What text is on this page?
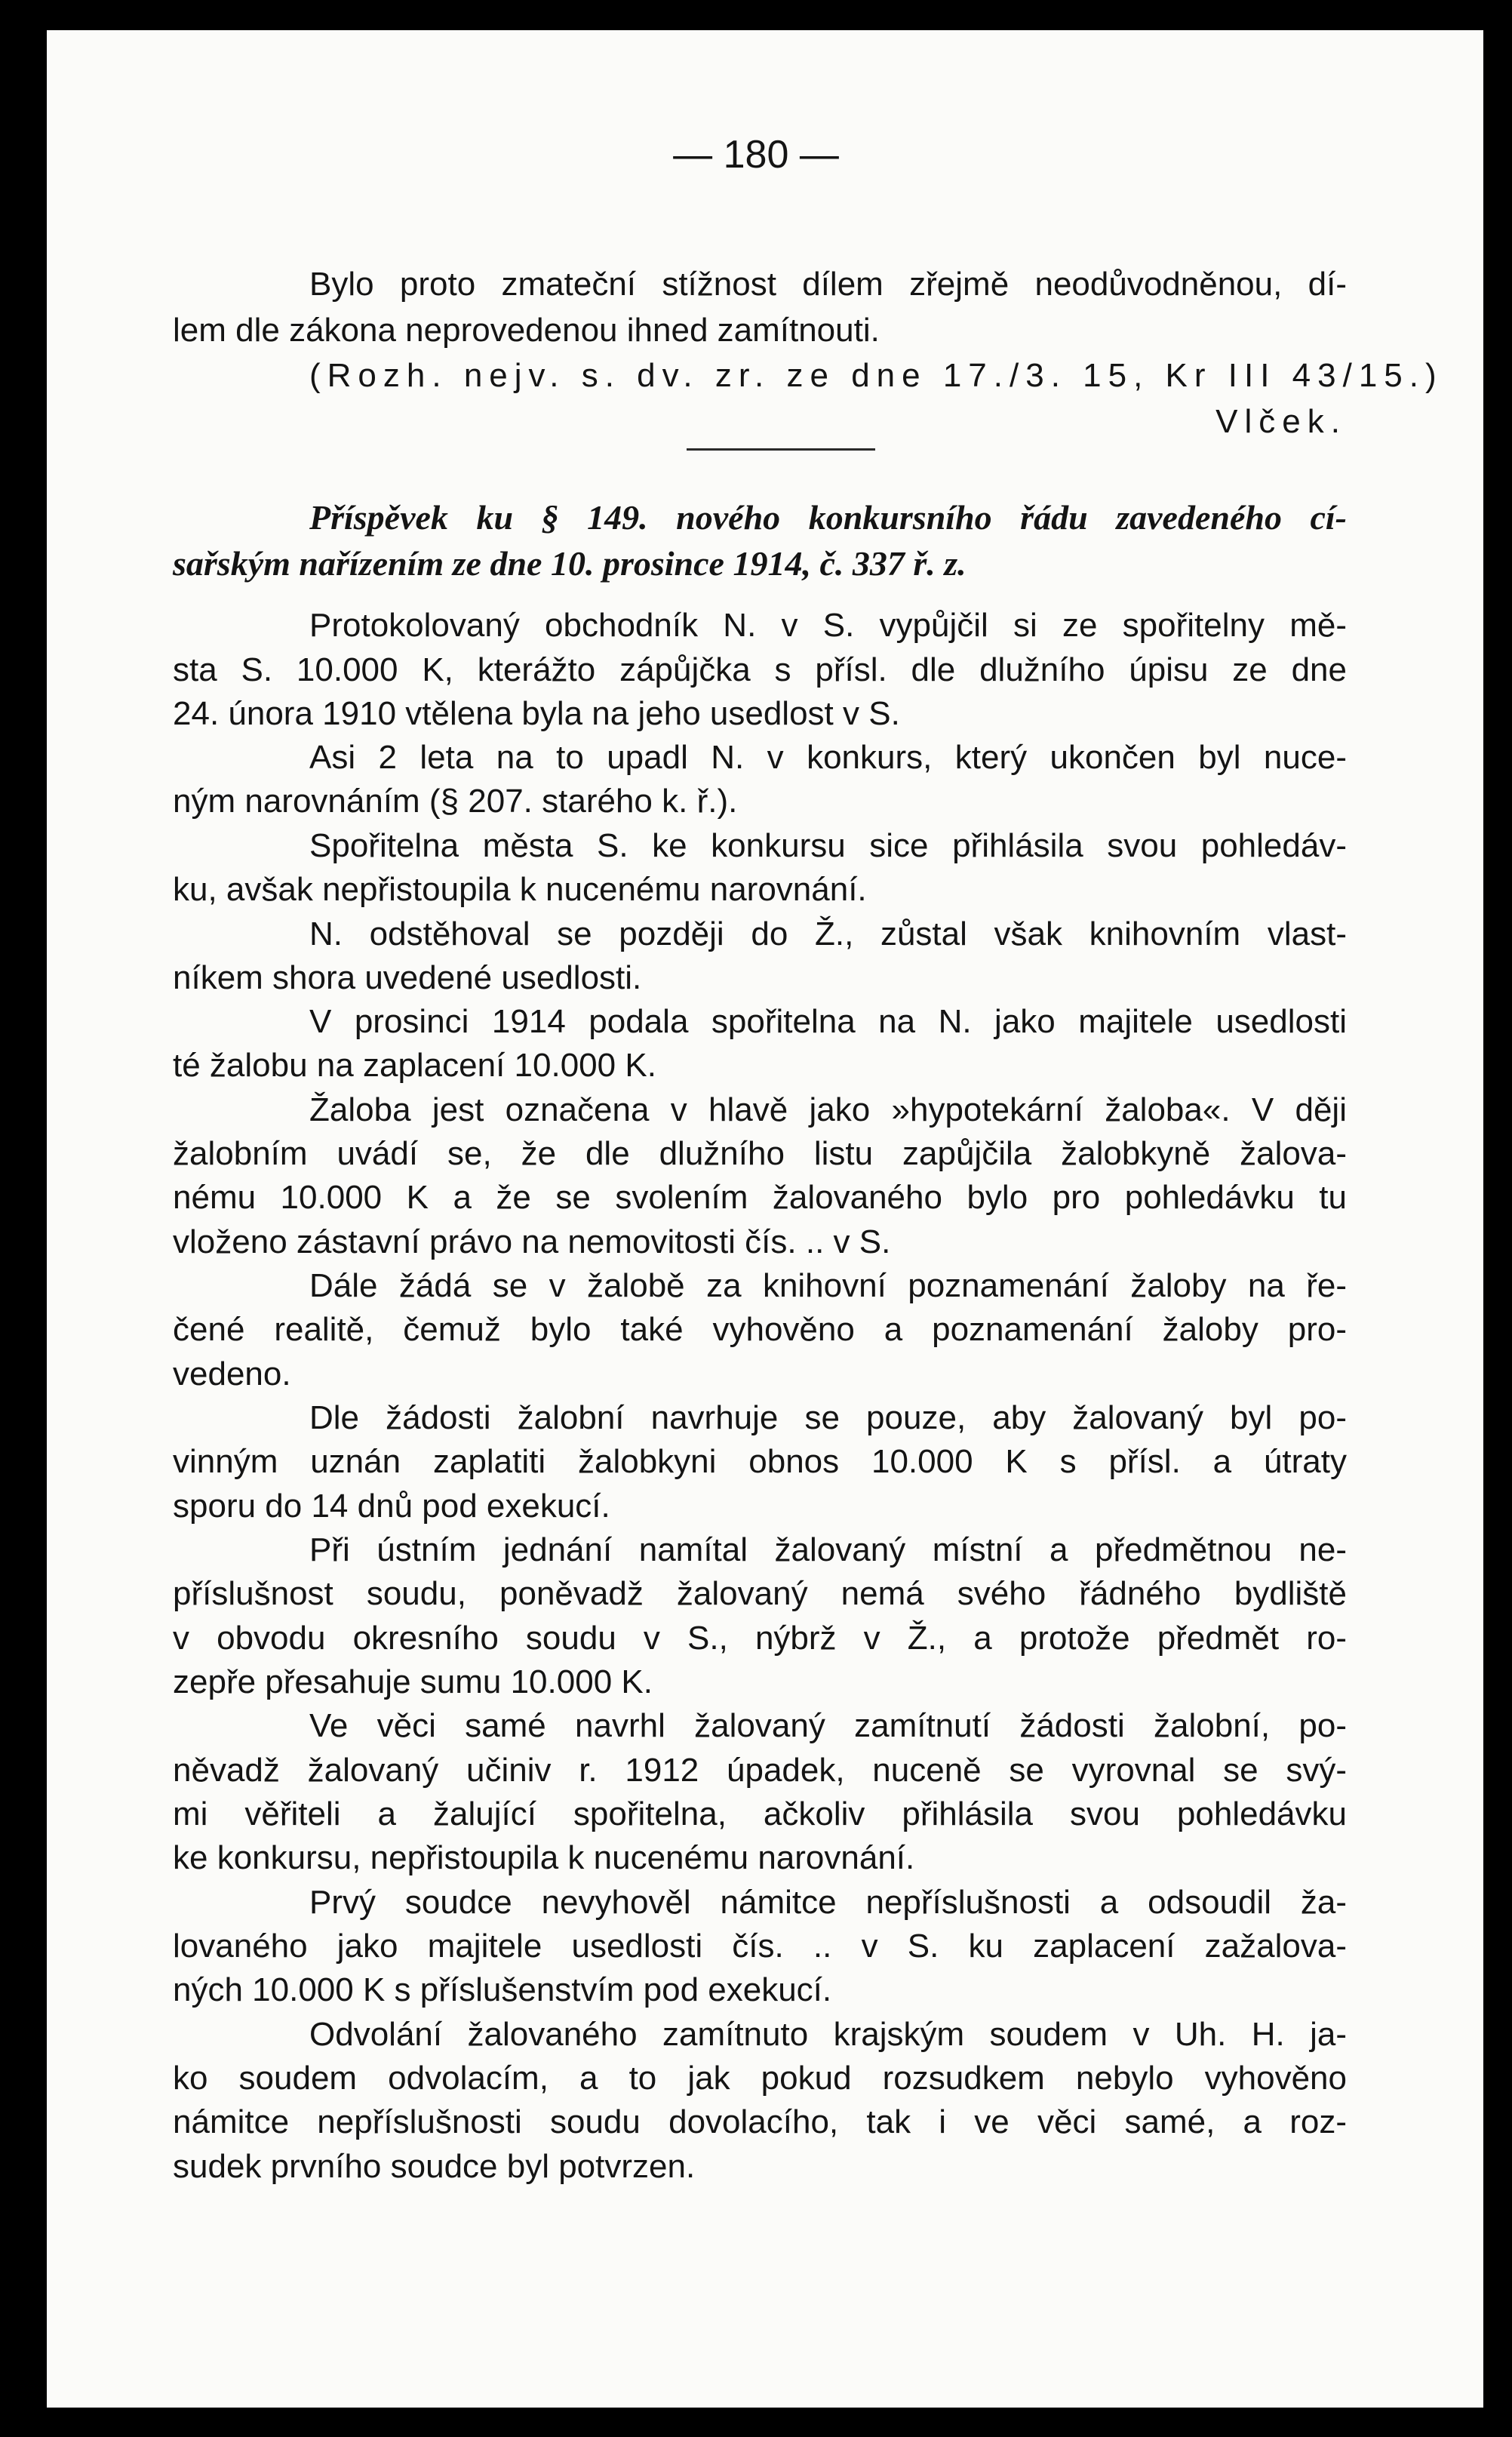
— 180 —
Bylo proto zmateční stížnost dílem zřejmě neodůvodněnou, dí-
lem dle zákona neprovedenou ihned zamítnouti.
(Rozh. nejv. s. dv. zr. ze dne 17./3. 15, Kr III 43/15.)
Vlček.
Příspěvek ku § 149. nového konkursního řádu zavedeného cí-
sařským nařízením ze dne 10. prosince 1914, č. 337 ř. z.
Protokolovaný obchodník N. v S. vypůjčil si ze spořitelny mě-
sta S. 10.000 K, kterážto zápůjčka s přísl. dle dlužního úpisu ze dne
24. února 1910 vtělena byla na jeho usedlost v S.
Asi 2 leta na to upadl N. v konkurs, který ukončen byl nuce-
ným narovnáním (§ 207. starého k. ř.).
Spořitelna města S. ke konkursu sice přihlásila svou pohledáv-
ku, avšak nepřistoupila k nucenému narovnání.
N. odstěhoval se později do Ž., zůstal však knihovním vlast-
níkem shora uvedené usedlosti.
V prosinci 1914 podala spořitelna na N. jako majitele usedlosti
té žalobu na zaplacení 10.000 K.
Žaloba jest označena v hlavě jako »hypotekární žaloba«. V ději
žalobním uvádí se, že dle dlužního listu zapůjčila žalobkyně žalova-
nému 10.000 K a že se svolením žalovaného bylo pro pohledávku tu
vloženo zástavní právo na nemovitosti čís. .. v S.
Dále žádá se v žalobě za knihovní poznamenání žaloby na ře-
čené realitě, čemuž bylo také vyhověno a poznamenání žaloby pro-
vedeno.
Dle žádosti žalobní navrhuje se pouze, aby žalovaný byl po-
vinným uznán zaplatiti žalobkyni obnos 10.000 K s přísl. a útraty
sporu do 14 dnů pod exekucí.
Při ústním jednání namítal žalovaný místní a předmětnou ne-
příslušnost soudu, poněvadž žalovaný nemá svého řádného bydliště
v obvodu okresního soudu v S., nýbrž v Ž., a protože předmět ro-
zepře přesahuje sumu 10.000 K.
Ve věci samé navrhl žalovaný zamítnutí žádosti žalobní, po-
něvadž žalovaný učiniv r. 1912 úpadek, nuceně se vyrovnal se svý-
mi věřiteli a žalující spořitelna, ačkoliv přihlásila svou pohledávku
ke konkursu, nepřistoupila k nucenému narovnání.
Prvý soudce nevyhověl námitce nepříslušnosti a odsoudil ža-
lovaného jako majitele usedlosti čís. .. v S. ku zaplacení zažalova-
ných 10.000 K s příslušenstvím pod exekucí.
Odvolání žalovaného zamítnuto krajským soudem v Uh. H. ja-
ko soudem odvolacím, a to jak pokud rozsudkem nebylo vyhověno
námitce nepříslušnosti soudu dovolacího, tak i ve věci samé, a roz-
sudek prvního soudce byl potvrzen.
